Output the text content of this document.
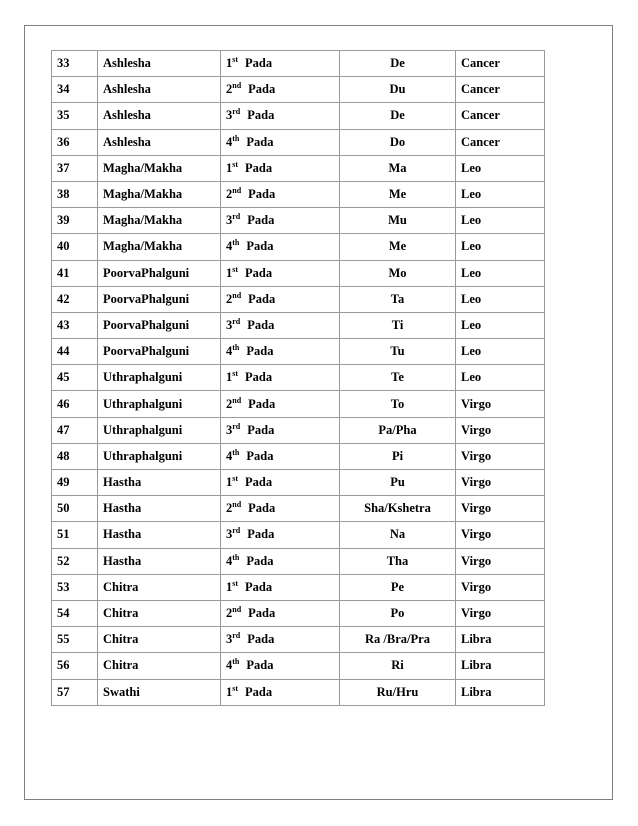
33	Ashlesha	1st Pada	De	Cancer
34	Ashlesha	2nd Pada	Du	Cancer
35	Ashlesha	3rd Pada	De	Cancer
36	Ashlesha	4th Pada	Do	Cancer
37	Magha/Makha	1st Pada	Ma	Leo
38	Magha/Makha	2nd Pada	Me	Leo
39	Magha/Makha	3rd Pada	Mu	Leo
40	Magha/Makha	4th Pada	Me	Leo
41	PoorvaPhalguni	1st Pada	Mo	Leo
42	PoorvaPhalguni	2nd Pada	Ta	Leo
43	PoorvaPhalguni	3rd Pada	Ti	Leo
44	PoorvaPhalguni	4th Pada	Tu	Leo
45	Uthraphalguni	1st Pada	Te	Leo
46	Uthraphalguni	2nd Pada	To	Virgo
47	Uthraphalguni	3rd Pada	Pa/Pha	Virgo
48	Uthraphalguni	4th Pada	Pi	Virgo
49	Hastha	1st Pada	Pu	Virgo
50	Hastha	2nd Pada	Sha/Kshetra	Virgo
51	Hastha	3rd Pada	Na	Virgo
52	Hastha	4th Pada	Tha	Virgo
53	Chitra	1st Pada	Pe	Virgo
54	Chitra	2nd Pada	Po	Virgo
55	Chitra	3rd Pada	Ra /Bra/Pra	Libra
56	Chitra	4th Pada	Ri	Libra
57	Swathi	1st Pada	Ru/Hru	Libra
